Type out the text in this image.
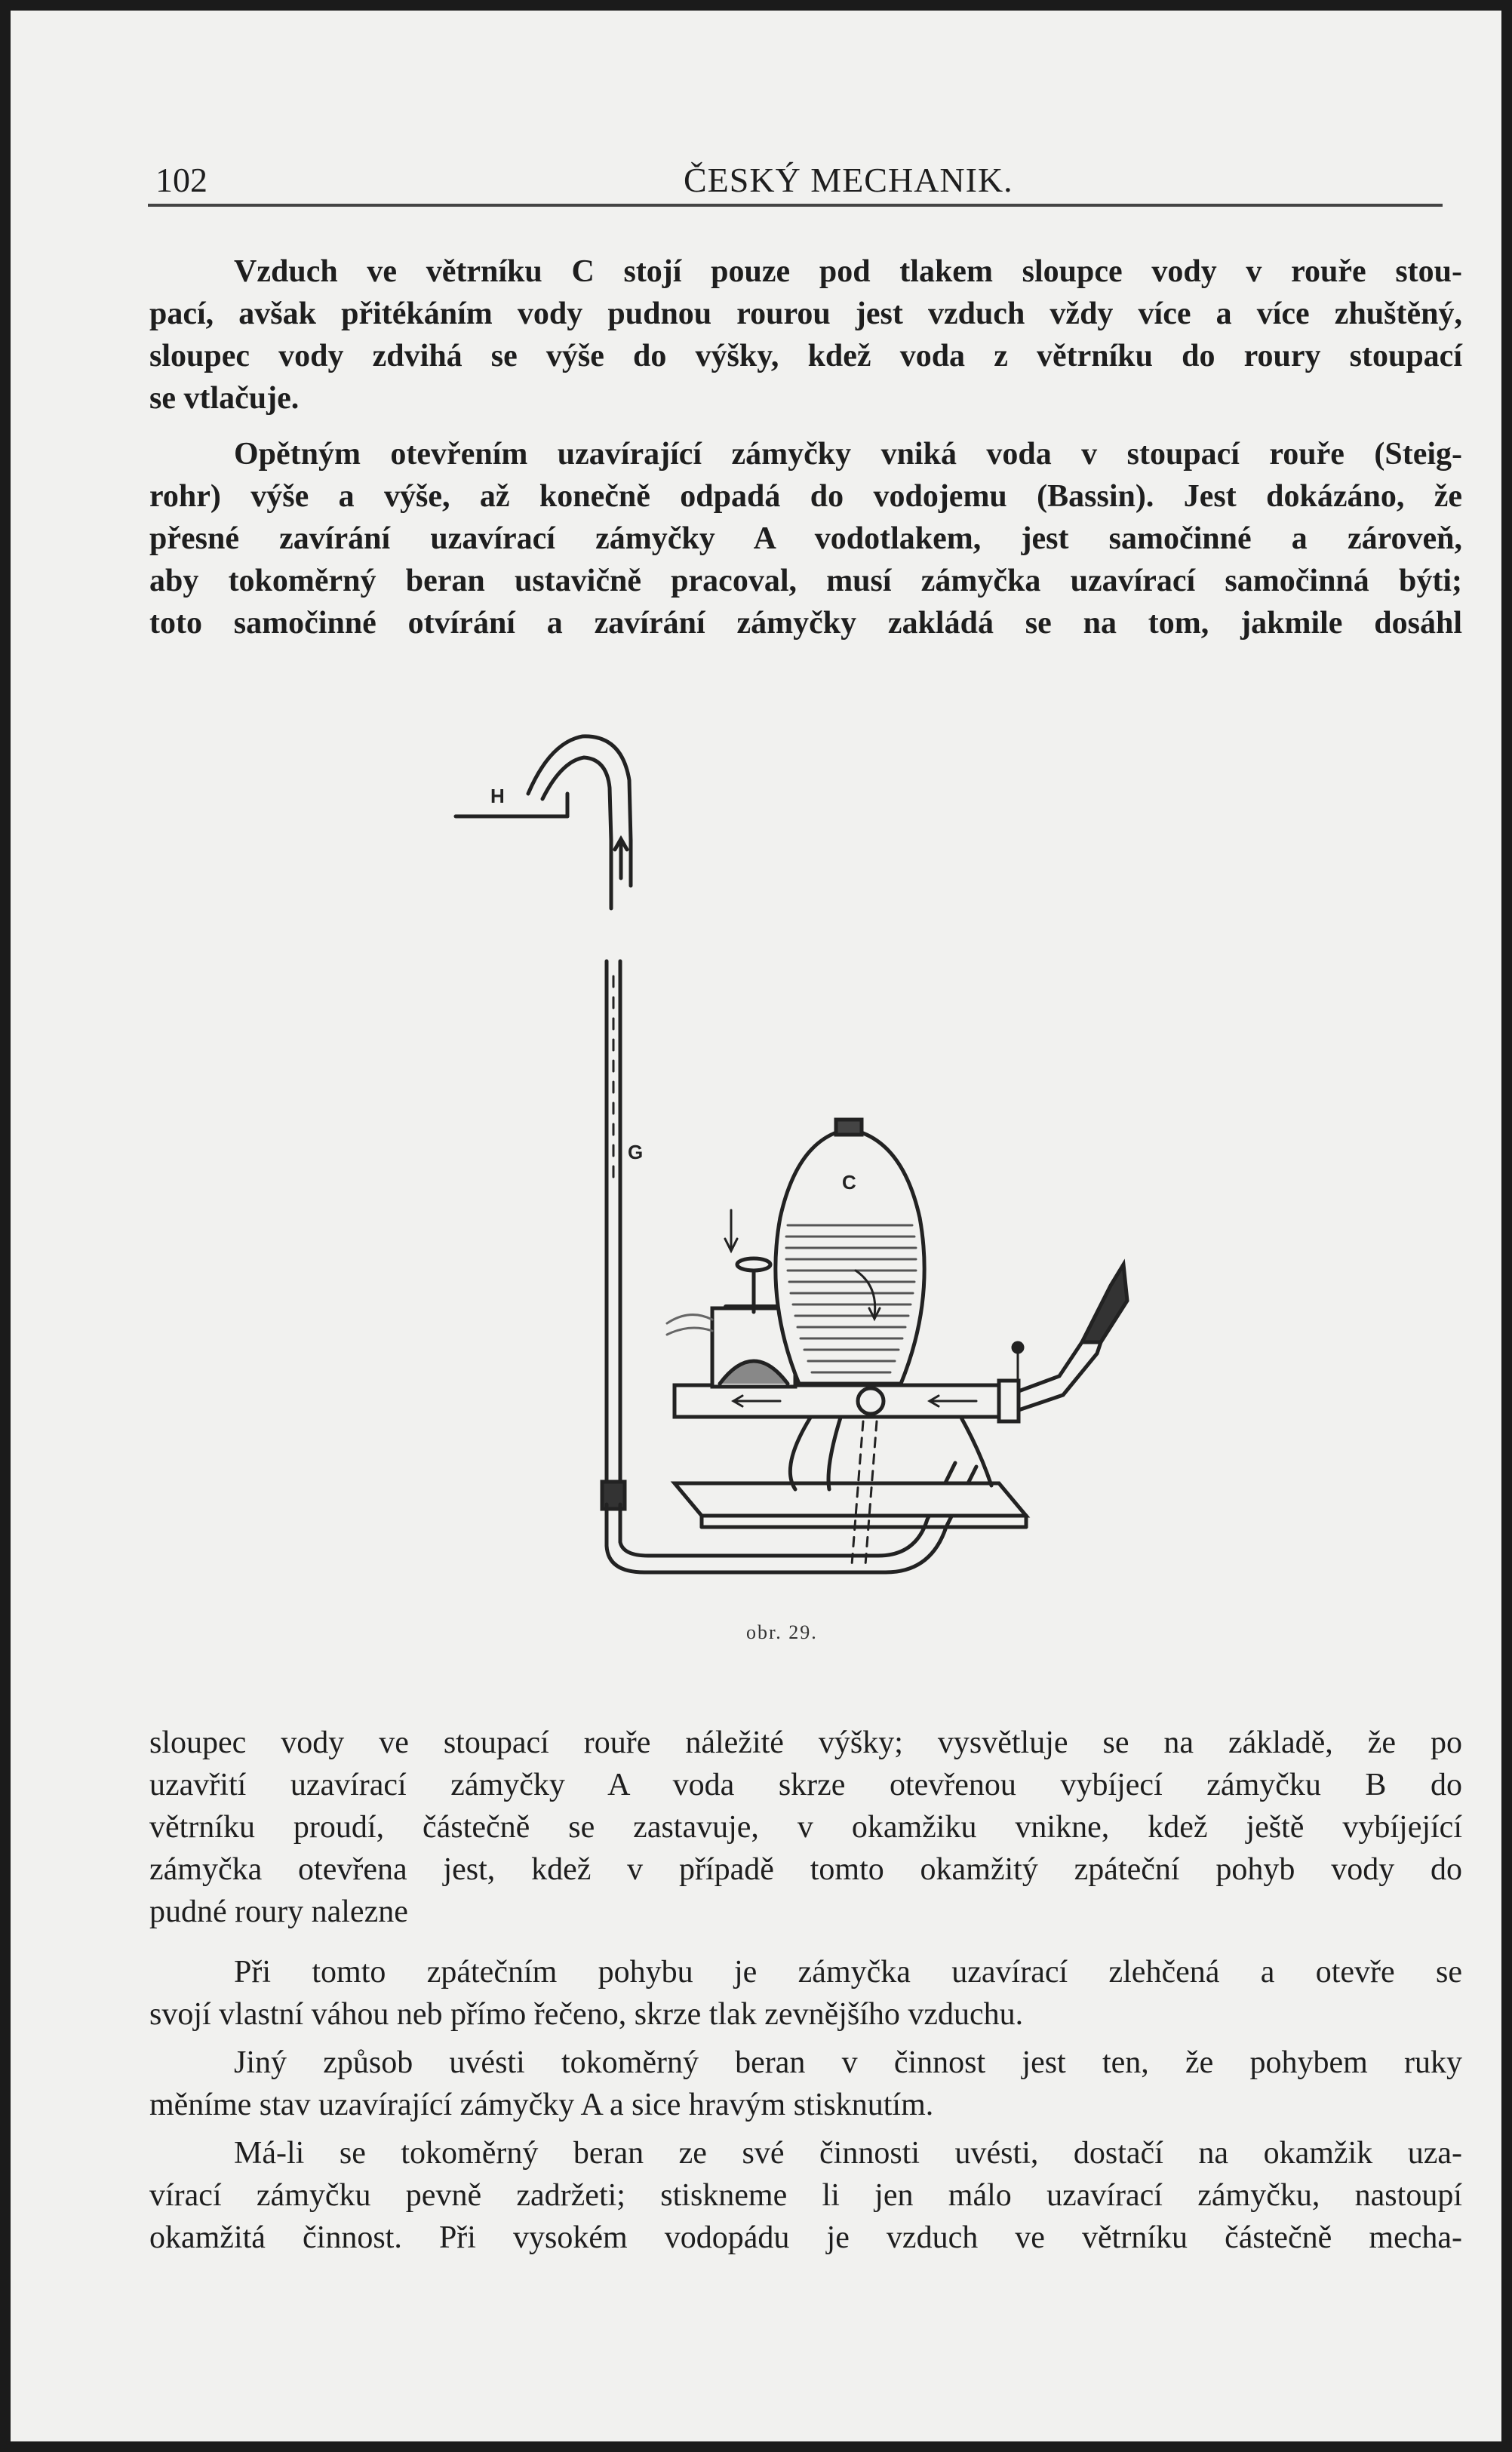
102	ČESKÝ MECHANIK.

Vzduch ve větrníku C stojí pouze pod tlakem sloupce vody v rouře stou-
pací, avšak přitékáním vody pudnou rourou jest vzduch vždy více a více zhuštěný,
sloupec vody zdvihá se výše do výšky, kdež voda z větrníku do roury stoupací
se vtlačuje.

Opětným otevřením uzavírající zámyčky vniká voda v stoupací rouře (Steig-
rohr) výše a výše, až konečně odpadá do vodojemu (Bassin). Jest dokázáno, že
přesné zavírání uzavírací zámyčky A vodotlakem, jest samočinné a zároveň,
aby tokoměrný beran ustavičně pracoval, musí zámyčka uzavírací samočinná býti;
toto samočinné otvírání a zavírání zámyčky zakládá se na tom, jakmile dosáhl

H
G
C
obr. 29.

sloupec vody ve stoupací rouře náležité výšky; vysvětluje se na základě, že po
uzavřití uzavírací zámyčky A voda skrze otevřenou vybíjecí zámyčku B do
větrníku proudí, částečně se zastavuje, v okamžiku vnikne, kdež ještě vybíjející
zámyčka otevřena jest, kdež v případě tomto okamžitý zpáteční pohyb vody do
pudné roury nalezne

Při tomto zpátečním pohybu je zámyčka uzavírací zlehčená a otevře se
svojí vlastní váhou neb přímo řečeno, skrze tlak zevnějšího vzduchu.

Jiný způsob uvésti tokoměrný beran v činnost jest ten, že pohybem ruky
měníme stav uzavírající zámyčky A a sice hravým stisknutím.

Má-li se tokoměrný beran ze své činnosti uvésti, dostačí na okamžik uza-
vírací zámyčku pevně zadržeti; stiskneme li jen málo uzavírací zámyčku, nastoupí
okamžitá činnost. Při vysokém vodopádu je vzduch ve větrníku částečně mecha-
